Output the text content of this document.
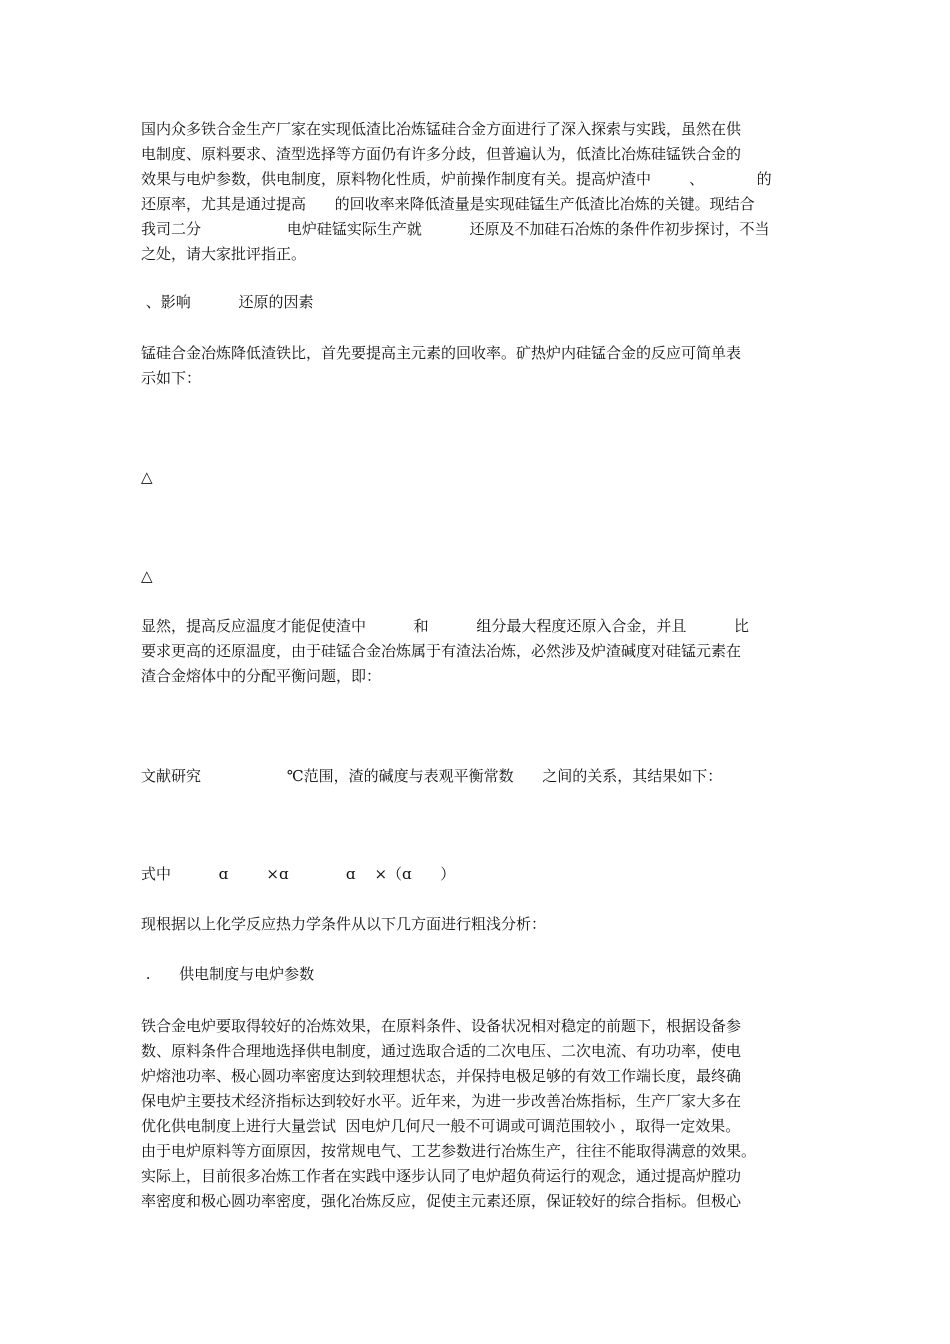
国内众多铁合金生产厂家在实现低渣比冶炼锰硅合金方面进行了深入探索与实践，虽然在供
电制度、原料要求、渣型选择等方面仍有许多分歧，但普遍认为，低渣比冶炼硅锰铁合金的
效果与电炉参数，供电制度，原料物化性质，炉前操作制度有关。提高炉渣中        、           的
还原率，尤其是通过提高      的回收率来降低渣量是实现硅锰生产低渣比冶炼的关键。现结合
我司二分                  电炉硅锰实际生产就          还原及不加硅石冶炼的条件作初步探讨，不当
之处，请大家批评指正。
、影响          还原的因素
锰硅合金冶炼降低渣铁比，首先要提高主元素的回收率。矿热炉内硅锰合金的反应可简单表
示如下：
△
△
显然，提高反应温度才能促使渣中          和          组分最大程度还原入合金，并且          比
要求更高的还原温度，由于硅锰合金冶炼属于有渣法冶炼，必然涉及炉渣碱度对硅锰元素在
渣合金熔体中的分配平衡问题，即：
文献研究                  ℃范围，渣的碱度与表观平衡常数      之间的关系，其结果如下：
式中          ɑ        ×ɑ            ɑ    ×（ɑ      ）
现根据以上化学反应热力学条件从以下几方面进行粗浅分析：
.      供电制度与电炉参数
铁合金电炉要取得较好的冶炼效果，在原料条件、设备状况相对稳定的前题下，根据设备参
数、原料条件合理地选择供电制度，通过选取合适的二次电压、二次电流、有功功率，使电
炉熔池功率、极心圆功率密度达到较理想状态，并保持电极足够的有效工作端长度，最终确
保电炉主要技术经济指标达到较好水平。近年来，为进一步改善冶炼指标，生产厂家大多在
优化供电制度上进行大量尝试  因电炉几何尺一般不可调或可调范围较小 ，取得一定效果。
由于电炉原料等方面原因，按常规电气、工艺参数进行冶炼生产，往往不能取得满意的效果。
实际上，目前很多冶炼工作者在实践中逐步认同了电炉超负荷运行的观念，通过提高炉膛功
率密度和极心圆功率密度，强化冶炼反应，促使主元素还原，保证较好的综合指标。但极心
